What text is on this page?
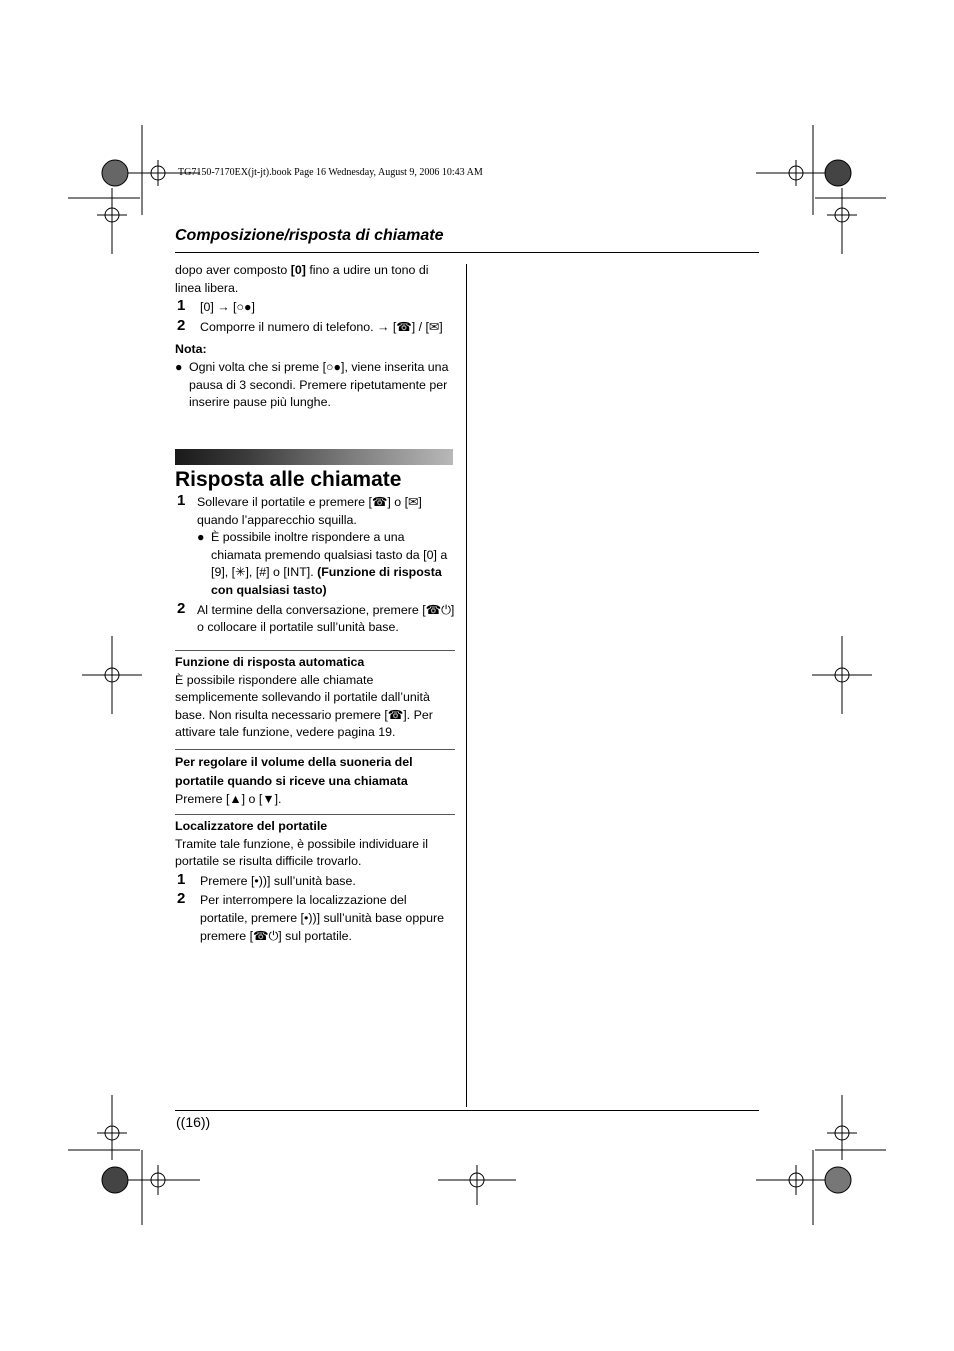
TG7150-7170EX(jt-jt).book Page 16 Wednesday, August 9, 2006 10:43 AM
Composizione/risposta di chiamate

dopo aver composto [0] fino a udire un tono di linea libera.

1 [0] → [○●]
2 Comporre il numero di telefono. → [☎] / [✉]

Nota:

● Ogni volta che si preme [○●], viene inserita una pausa di 3 secondi. Premere ripetutamente per inserire pause più lunghe.
Risposta alle chiamate
1 Sollevare il portatile e premere [☎] o [✉] quando l’apparecchio squilla.
● È possibile inoltre rispondere a una chiamata premendo qualsiasi tasto da [0] a [9], [✳], [#] o [INT]. (Funzione di risposta con qualsiasi tasto)
2 Al termine della conversazione, premere [☎⏻] o collocare il portatile sull’unità base.

Funzione di risposta automatica

È possibile rispondere alle chiamate semplicemente sollevando il portatile dall’unità base. Non risulta necessario premere [☎]. Per attivare tale funzione, vedere pagina 19.

Per regolare il volume della suoneria del portatile quando si riceve una chiamata

Premere [▲] o [▼].

Localizzatore del portatile

Tramite tale funzione, è possibile individuare il portatile se risulta difficile trovarlo.

1 Premere [•))] sull’unità base.
2 Per interrompere la localizzazione del portatile, premere [•))] sull’unità base oppure premere [☎⏻] sul portatile.
((16))
